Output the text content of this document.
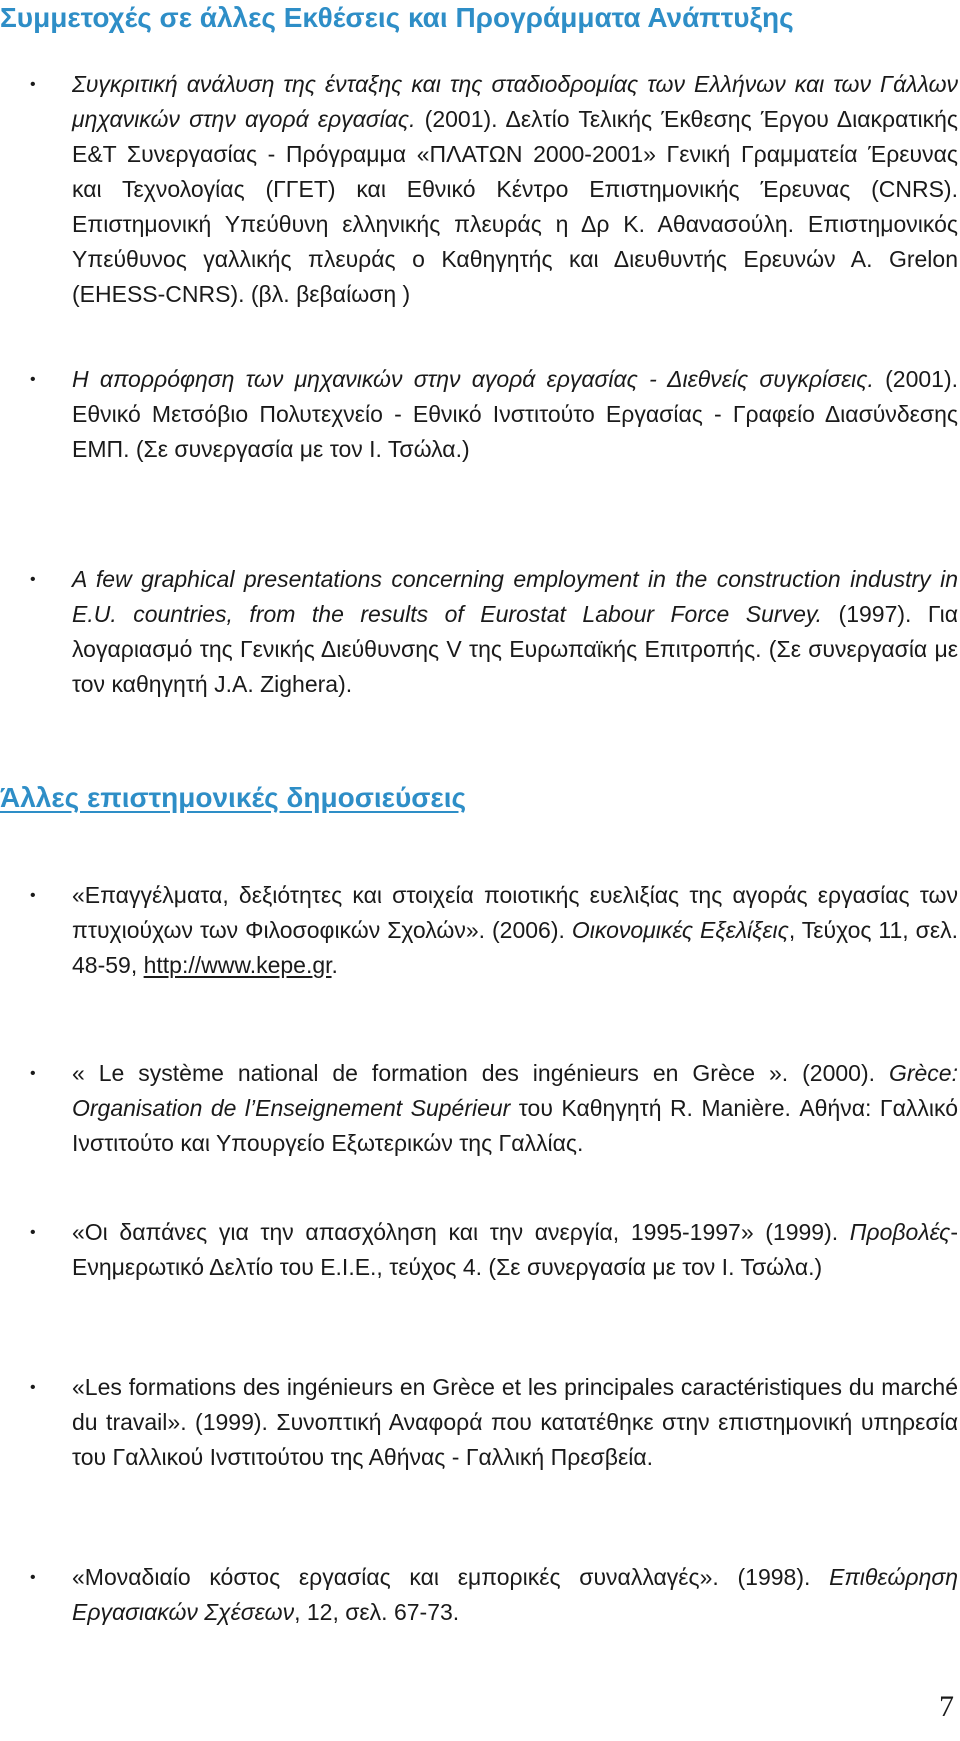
Συμμετοχές σε άλλες Εκθέσεις και Προγράμματα Ανάπτυξης

• Συγκριτική ανάλυση της ένταξης και της σταδιοδρομίας των Ελλήνων και των Γάλλων μηχανικών στην αγορά εργασίας. (2001). Δελτίο Τελικής Έκθεσης Έργου Διακρατικής Ε&Τ Συνεργασίας - Πρόγραμμα «ΠΛΑΤΩΝ 2000-2001» Γενική Γραμματεία Έρευνας και Τεχνολογίας (ΓΓΕΤ) και Εθνικό Κέντρο Επιστημονικής Έρευνας (CNRS). Επιστημονική Υπεύθυνη ελληνικής πλευράς η Δρ Κ. Αθανασούλη. Επιστημονικός Υπεύθυνος γαλλικής πλευράς ο Καθηγητής και Διευθυντής Ερευνών Α. Grelon (EHESS-CNRS). (βλ. βεβαίωση )

• Η απορρόφηση των μηχανικών στην αγορά εργασίας - Διεθνείς συγκρίσεις. (2001). Εθνικό Μετσόβιο Πολυτεχνείο - Εθνικό Ινστιτούτο Εργασίας - Γραφείο Διασύνδεσης ΕΜΠ. (Σε συνεργασία με τον Ι. Τσώλα.)

• A few graphical presentations concerning employment in the construction industry in E.U. countries, from the results of Eurostat Labour Force Survey. (1997). Για λογαριασμό της Γενικής Διεύθυνσης V της Ευρωπαϊκής Επιτροπής. (Σε συνεργασία με τον καθηγητή J.A. Zighera).

Άλλες επιστημονικές δημοσιεύσεις

• «Επαγγέλματα, δεξιότητες και στοιχεία ποιοτικής ευελιξίας της αγοράς εργασίας των πτυχιούχων των Φιλοσοφικών Σχολών». (2006). Οικονομικές Εξελίξεις, Τεύχος 11, σελ. 48-59, http://www.kepe.gr.

• « Le système national de formation des ingénieurs en Grèce ». (2000). Grèce: Organisation de l’Enseignement Supérieur του Καθηγητή R. Manière. Αθήνα: Γαλλικό Ινστιτούτο και Υπουργείο Εξωτερικών της Γαλλίας.

• «Οι δαπάνες για την απασχόληση και την ανεργία, 1995-1997» (1999). Προβολές-Ενημερωτικό Δελτίο του Ε.Ι.Ε., τεύχος 4. (Σε συνεργασία με τον Ι. Τσώλα.)

• «Les formations des ingénieurs en Grèce et les principales caractéristiques du marché du travail». (1999). Συνοπτική Αναφορά που κατατέθηκε στην επιστημονική υπηρεσία του Γαλλικού Ινστιτούτου της Αθήνας - Γαλλική Πρεσβεία.

• «Μοναδιαίο κόστος εργασίας και εμπορικές συναλλαγές». (1998). Επιθεώρηση Εργασιακών Σχέσεων, 12, σελ. 67-73.

7
